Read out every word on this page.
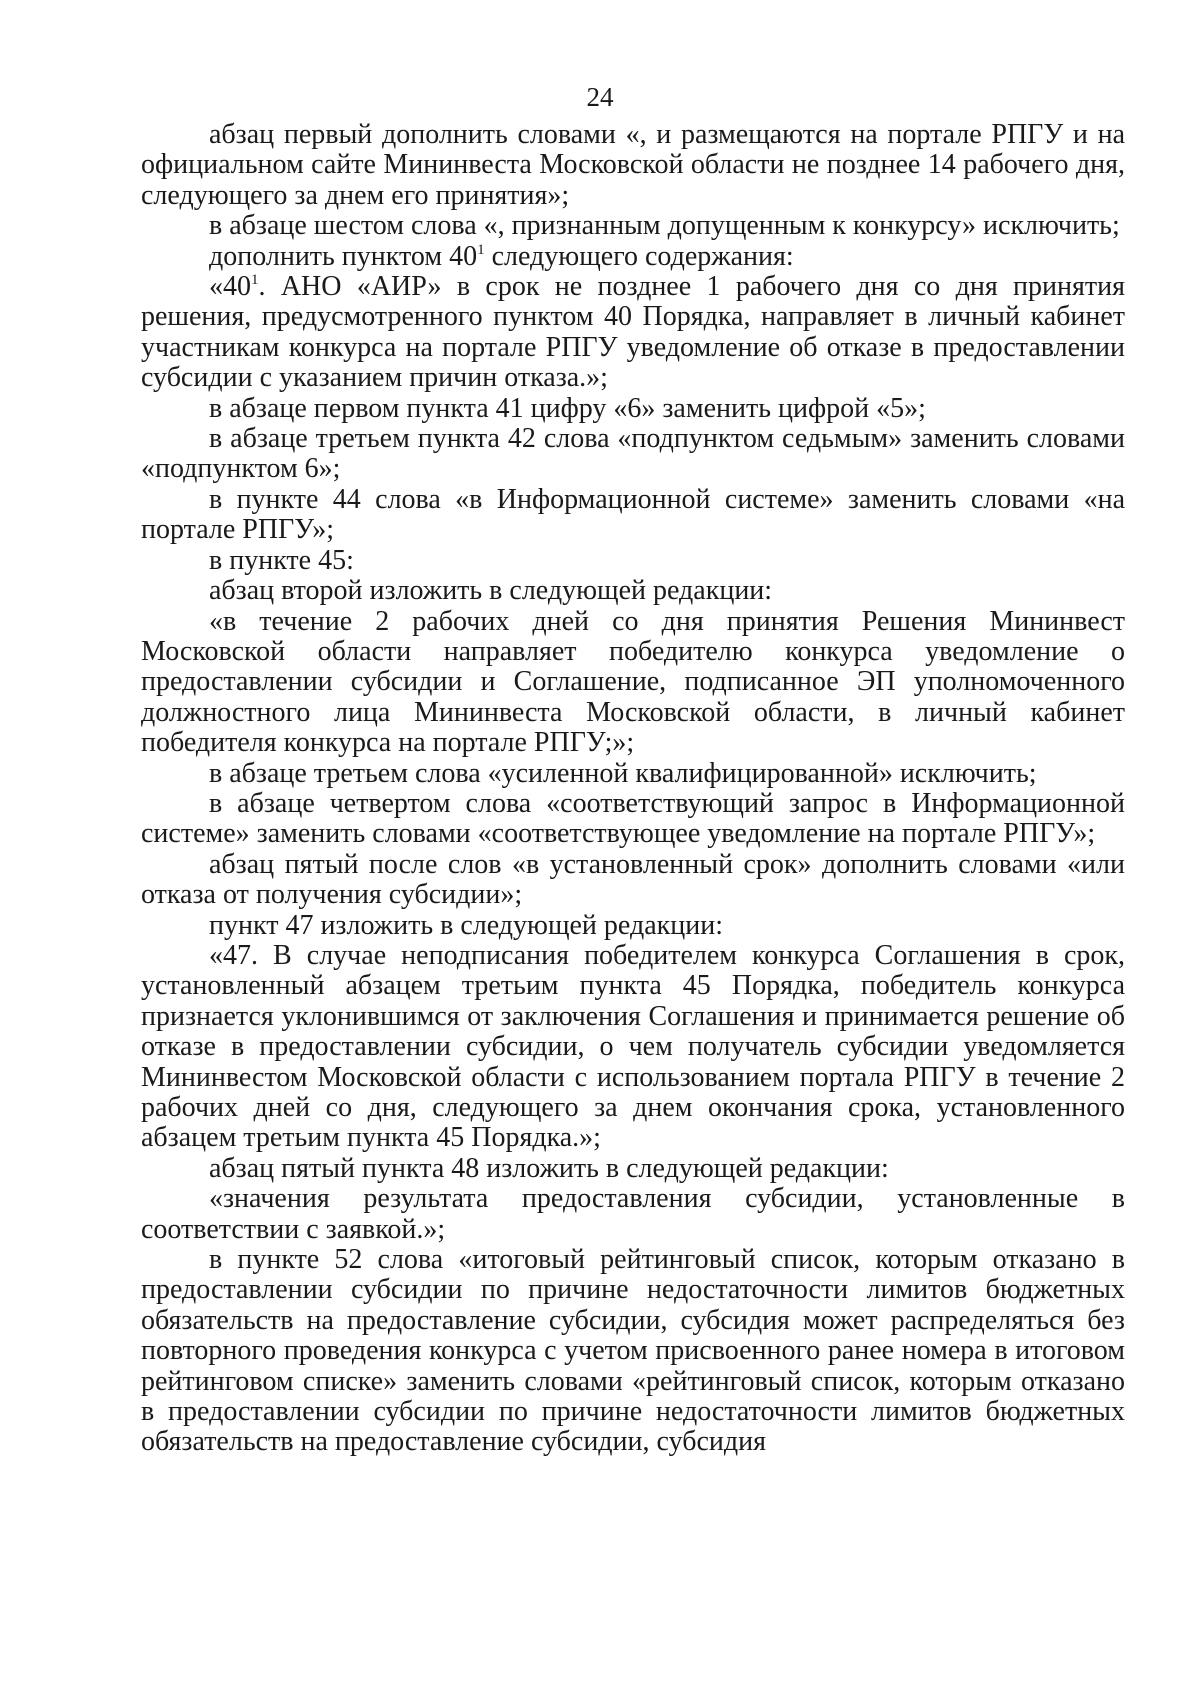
24

абзац первый дополнить словами «, и размещаются на портале РПГУ и на официальном сайте Мининвеста Московской области не позднее 14 рабочего дня, следующего за днем его принятия»;

в абзаце шестом слова «, признанным допущенным к конкурсу» исключить;

дополнить пунктом $40^1$ следующего содержания:

«$40^1$. АНО «АИР» в срок не позднее 1 рабочего дня со дня принятия решения, предусмотренного пунктом 40 Порядка, направляет в личный кабинет участникам конкурса на портале РПГУ уведомление об отказе в предоставлении субсидии с указанием причин отказа.»;

в абзаце первом пункта 41 цифру «6» заменить цифрой «5»;

в абзаце третьем пункта 42 слова «подпунктом седьмым» заменить словами «подпунктом 6»;

в пункте 44 слова «в Информационной системе» заменить словами «на портале РПГУ»;

в пункте 45:

абзац второй изложить в следующей редакции:

«в течение 2 рабочих дней со дня принятия Решения Мининвест Московской области направляет победителю конкурса уведомление о предоставлении субсидии и Соглашение, подписанное ЭП уполномоченного должностного лица Мининвеста Московской области, в личный кабинет победителя конкурса на портале РПГУ;»;

в абзаце третьем слова «усиленной квалифицированной» исключить;

в абзаце четвертом слова «соответствующий запрос в Информационной системе» заменить словами «соответствующее уведомление на портале РПГУ»;

абзац пятый после слов «в установленный срок» дополнить словами «или отказа от получения субсидии»;

пункт 47 изложить в следующей редакции:

«47. В случае неподписания победителем конкурса Соглашения в срок, установленный абзацем третьим пункта 45 Порядка, победитель конкурса признается уклонившимся от заключения Соглашения и принимается решение об отказе в предоставлении субсидии, о чем получатель субсидии уведомляется Мининвестом Московской области с использованием портала РПГУ в течение 2 рабочих дней со дня, следующего за днем окончания срока, установленного абзацем третьим пункта 45 Порядка.»;

абзац пятый пункта 48 изложить в следующей редакции:

«значения результата предоставления субсидии, установленные в соответствии с заявкой.»;

в пункте 52 слова «итоговый рейтинговый список, которым отказано в предоставлении субсидии по причине недостаточности лимитов бюджетных обязательств на предоставление субсидии, субсидия может распределяться без повторного проведения конкурса с учетом присвоенного ранее номера в итоговом рейтинговом списке» заменить словами «рейтинговый список, которым отказано в предоставлении субсидии по причине недостаточности лимитов бюджетных обязательств на предоставление субсидии, субсидия
